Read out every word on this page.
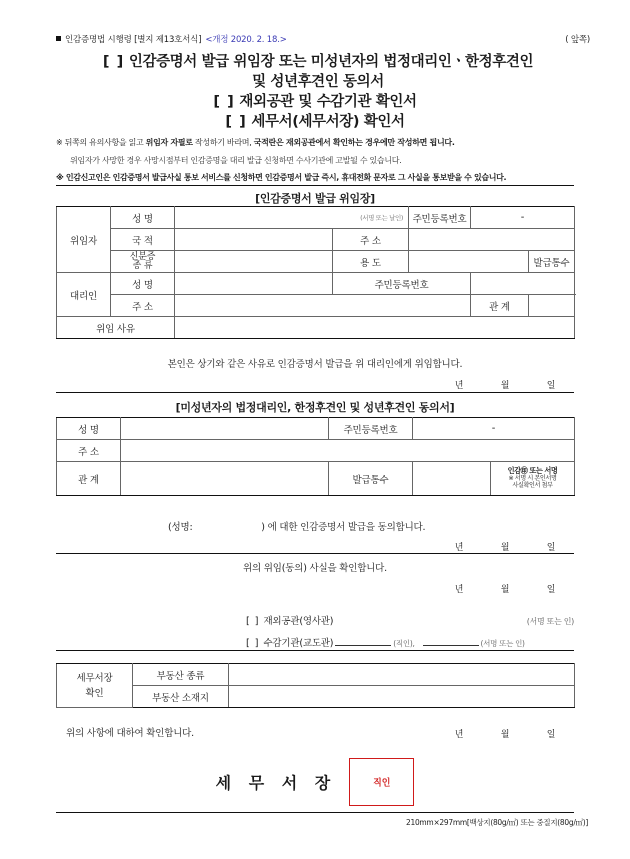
인감증명법 시행령 [별지 제13호서식] <개정 2020. 2. 18.>	( 앞쪽)
[ ] 인감증명서 발급 위임장 또는 미성년자의 법정대리인ㆍ한정후견인
및 성년후견인 동의서
[ ] 재외공관 및 수감기관 확인서
[ ] 세무서(세무서장) 확인서
※ 뒤쪽의 유의사항을 읽고 위임자 자필로 작성하기 바라며, 국적란은 재외공관에서 확인하는 경우에만 작성하면 됩니다.
위임자가 사망한 경우 사망시점부터 인감증명을 대리 발급 신청하면 수사기관에 고발될 수 있습니다.
※ 인감신고인은 인감증명서 발급사실 통보 서비스를 신청하면 인감증명서 발급 즉시, 휴대전화 문자로 그 사실을 통보받을 수 있습니다.
[인감증명서 발급 위임장]
위임자	성 명	(서명 또는 날인)		주민등록번호	-		
	국 적		주 소				

	신분증
종 류		용 도			발급통수	
대리인	성 명		주민등록번호				
	주 소				관 계		
위임 사유							
본인은 상기와 같은 사유로 인감증명서 발급을 위 대리인에게 위임합니다.
년	월	일
[미성년자의 법정대리인, 한정후견인 및 성년후견인 동의서]
성 명		주민등록번호	-	
주 소				
관 계		발급통수		인감㊞ 또는 서명
※ 서명 시 본인서명
사실확인서 첨부
(성명:	) 에 대한 인감증명서 발급을 동의합니다.
년	월	일
위의 위임(동의) 사실을 확인합니다.
년	월	일
[ ] 재외공관(영사관)	(서명 또는 인)
[ ] 수감기관(교도관)	(직인),	(서명 또는 인)
세무서장
확인	부동산 종류	
	부동산 소재지	
위의 사항에 대하여 확인합니다.	년	월	일
세 무 서 장	직인
210mm×297mm[백상지(80g/㎡) 또는 중질지(80g/㎡)]
